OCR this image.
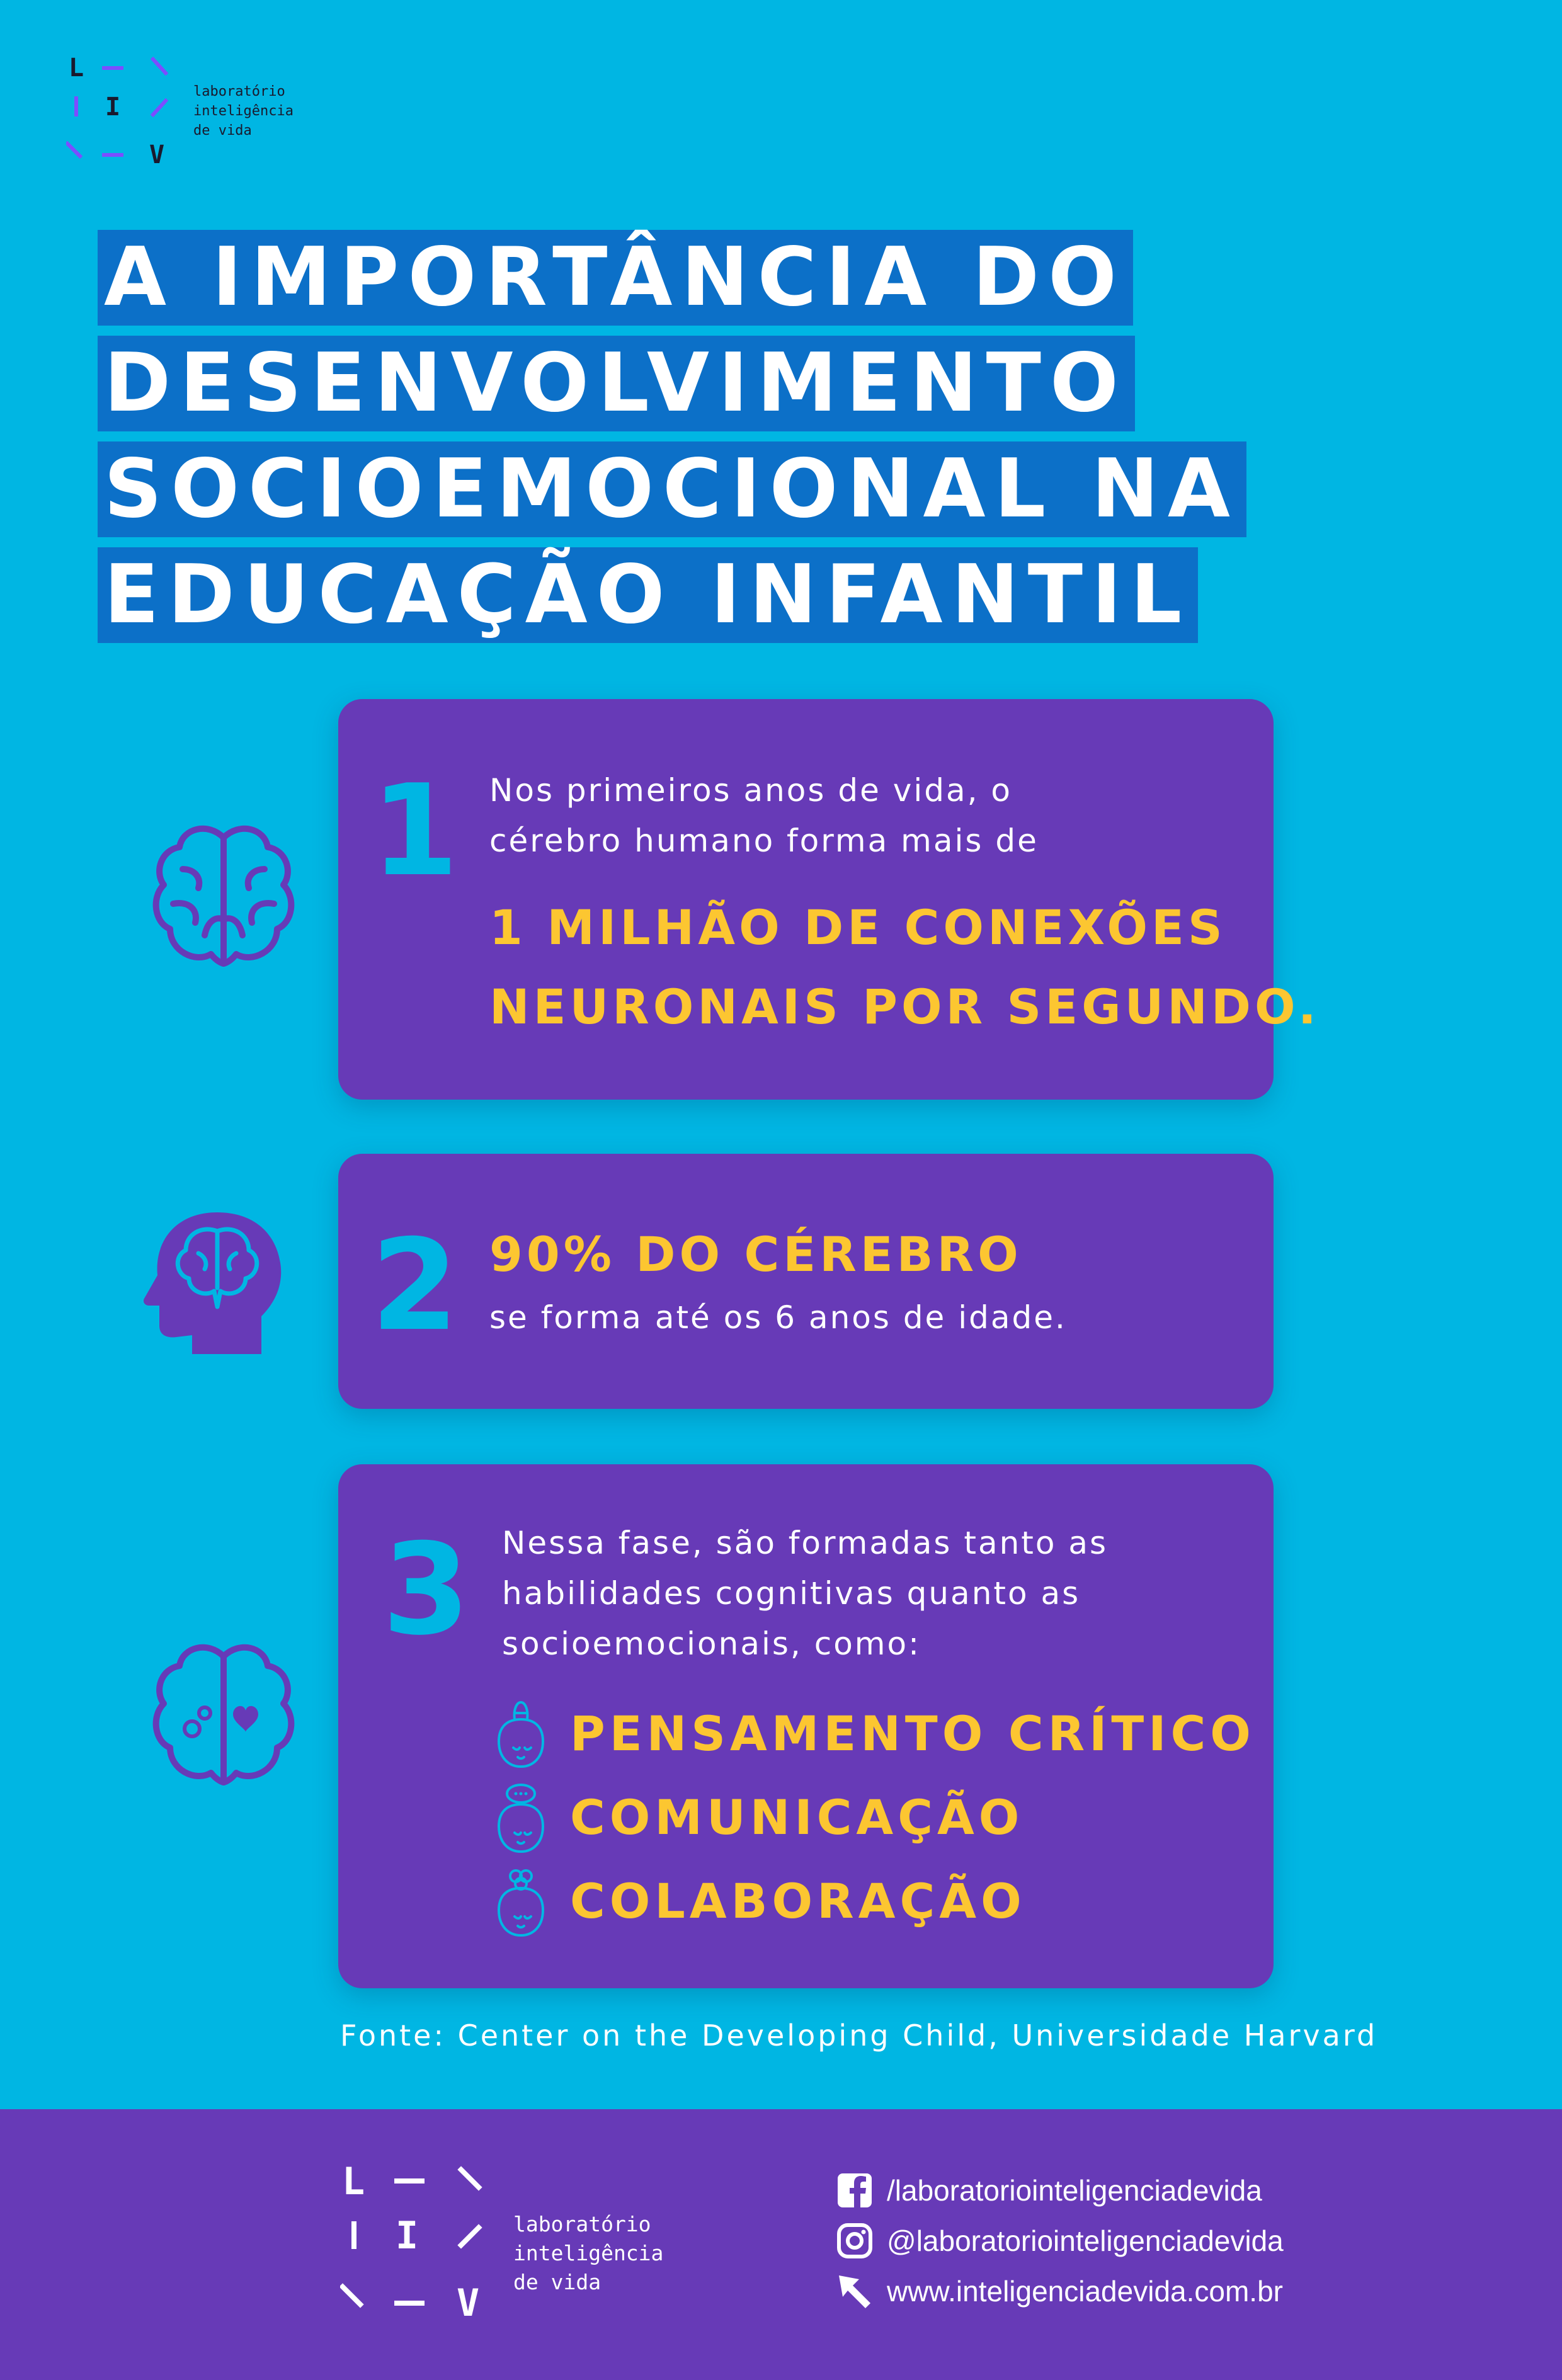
L
I
V
laboratório
inteligência
de vida
A IMPORTÂNCIA DO
DESENVOLVIMENTO
SOCIOEMOCIONAL NA
EDUCAÇÃO INFANTIL
1 Nos primeiros anos de vida, o
cérebro humano forma mais de
1 MILHÃO DE CONEXÕES
NEURONAIS POR SEGUNDO.
2 90% DO CÉREBRO
se forma até os 6 anos de idade.
3 Nessa fase, são formadas tanto as
habilidades cognitivas quanto as
socioemocionais, como:
PENSAMENTO CRÍTICO
COMUNICAÇÃO
COLABORAÇÃO
Fonte: Center on the Developing Child, Universidade Harvard
L
I
V
laboratório
inteligência
de vida
/laboratoriointeligenciadevida
@laboratoriointeligenciadevida
www.inteligenciadevida.com.br
